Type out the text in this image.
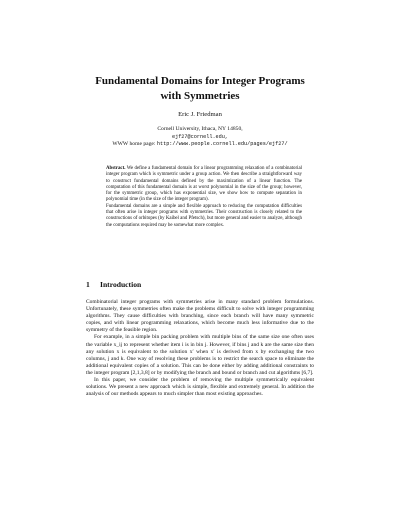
Fundamental Domains for Integer Programs
with Symmetries
Eric J. Friedman
Cornell University, Ithaca, NY 14850,
ejf27@cornell.edu,
WWW home page: http://www.people.cornell.edu/pages/ejf27/

Abstract. We define a fundamental domain for a linear programming relaxation of a combinatorial integer program which is symmetric under a group action. We then describe a straightforward way to construct fundamental domains defined by the maximization of a linear function. The computation of this fundamental domain is at worst polynomial in the size of the group; however, for the symmetric group, which has exponential size, we show how to compute separation in polynomial time (in the size of the integer program).

Fundamental domains are a simple and flexible approach to reducing the computation difficulties that often arise in integer programs with symmetries. Their construction is closely related to the constructions of orbitopes (by Kaibel and Pfetsch), but more general and easier to analyze, although the computations required may be somewhat more complex.

1 Introduction

Combinatorial integer programs with symmetries arise in many standard problem formulations. Unfortunately, these symmetries often make the problems difficult to solve with integer programming algorithms. They cause difficulties with branching, since each branch will have many symmetric copies, and with linear programming relaxations, which become much less informative due to the symmetry of the feasible region.

For example, in a simple bin packing problem with multiple bins of the same size one often uses the variable x_ij to represent whether item i is in bin j. However, if bins j and k are the same size then any solution x is equivalent to the solution x′ when x′ is derived from x by exchanging the two columns, j and k. One way of resolving these problems is to restrict the search space to eliminate the additional equivalent copies of a solution. This can be done either by adding additional constraints to the integer program [2,1,3,8] or by modifying the branch and bound or branch and cut algorithms [6,7].

In this paper, we consider the problem of removing the multiple symmetrically equivalent solutions. We present a new approach which is simple, flexible and extremely general. In addition the analysis of our methods appears to much simpler than most existing approaches.
